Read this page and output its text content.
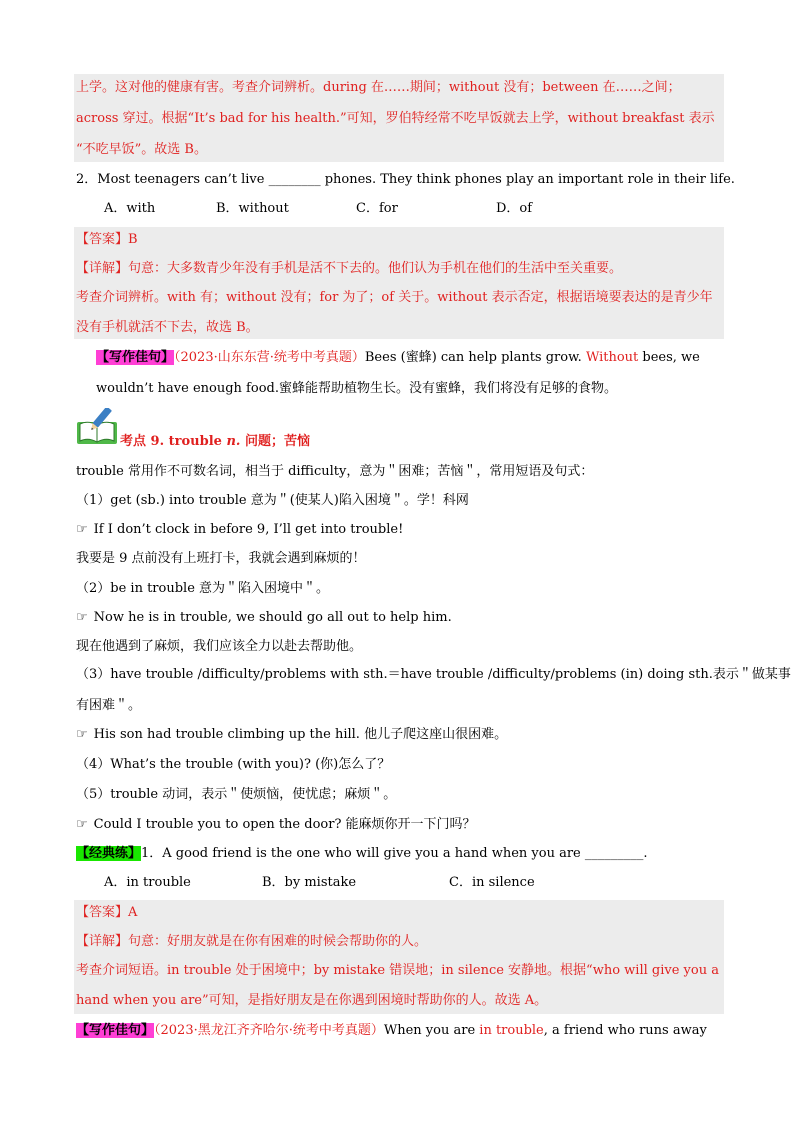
上学。这对他的健康有害。考查介词辨析。during 在……期间；without 没有；between 在……之间；
across 穿过。根据“It’s bad for his health.”可知，罗伯特经常不吃早饭就去上学，without breakfast 表示
“不吃早饭”。故选 B。
2．Most teenagers can’t live ________ phones. They think phones play an important role in their life.
A．with	B．without	C．for	D．of
【答案】B
【详解】句意：大多数青少年没有手机是活不下去的。他们认为手机在他们的生活中至关重要。
考查介词辨析。with 有；without 没有；for 为了；of 关于。without 表示否定，根据语境要表达的是青少年
没有手机就活不下去，故选 B。
【写作佳句】（2023·山东东营·统考中考真题）Bees (蜜蜂) can help plants grow. Without bees, we
wouldn’t have enough food.蜜蜂能帮助植物生长。没有蜜蜂，我们将没有足够的食物。
考点 9. trouble n. 问题；苦恼
trouble 常用作不可数名词，相当于 difficulty，意为＂困难；苦恼＂，常用短语及句式：
（1）get (sb.) into trouble 意为＂(使某人)陷入困境＂。学！科网
☞ If I don’t clock in before 9, I’ll get into trouble!
我要是 9 点前没有上班打卡，我就会遇到麻烦的！
（2）be in trouble 意为＂陷入困境中＂。
☞ Now he is in trouble, we should go all out to help him.
现在他遇到了麻烦，我们应该全力以赴去帮助他。
（3）have trouble /difficulty/problems with sth.＝have trouble /difficulty/problems (in) doing sth.表示＂做某事
有困难＂。
☞ His son had trouble climbing up the hill. 他儿子爬这座山很困难。
（4）What’s the trouble (with you)? (你)怎么了？
（5）trouble 动词，表示＂使烦恼，使忧虑；麻烦＂。
☞ Could I trouble you to open the door? 能麻烦你开一下门吗？
【经典练】1．A good friend is the one who will give you a hand when you are _________.
A．in trouble	B．by mistake	C．in silence
【答案】A
【详解】句意：好朋友就是在你有困难的时候会帮助你的人。
考查介词短语。in trouble 处于困境中；by mistake 错误地；in silence 安静地。根据“who will give you a
hand when you are”可知，是指好朋友是在你遇到困境时帮助你的人。故选 A。
【写作佳句】（2023·黑龙江齐齐哈尔·统考中考真题）When you are in trouble, a friend who runs away
